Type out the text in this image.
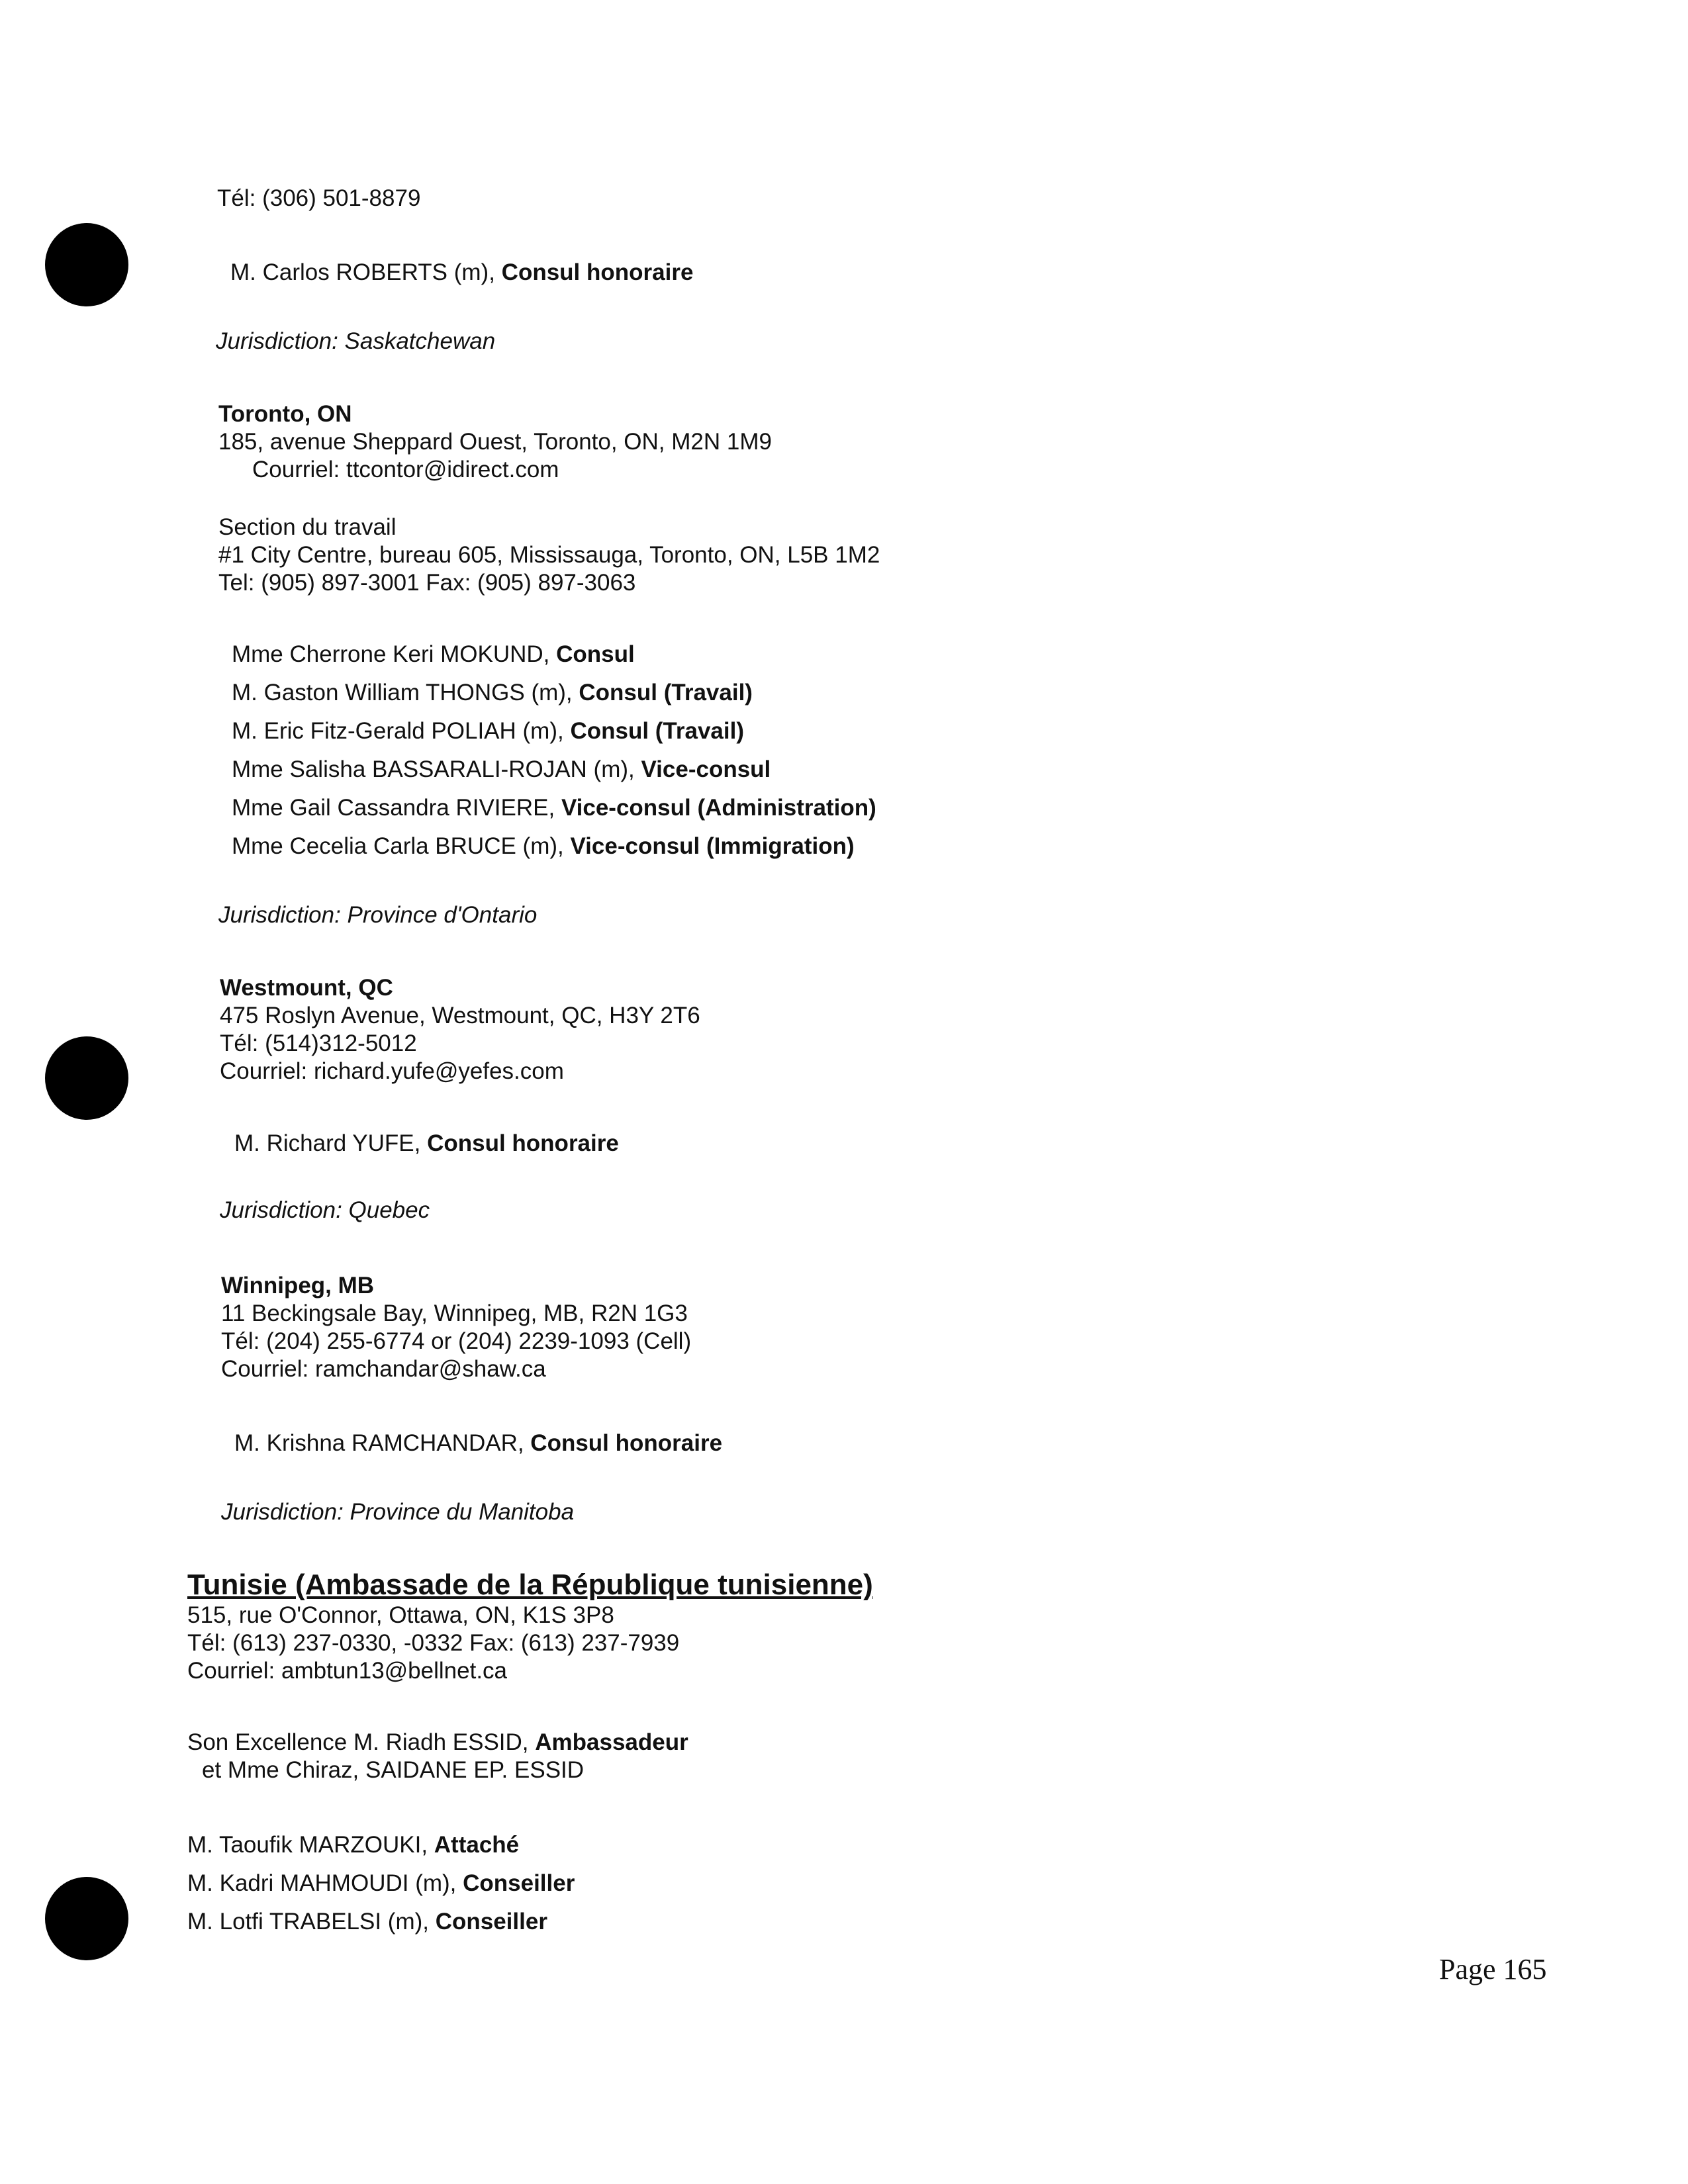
Tél: (306) 501-8879
M. Carlos ROBERTS (m), Consul honoraire
Jurisdiction: Saskatchewan
Toronto, ON
185, avenue Sheppard Ouest, Toronto, ON, M2N 1M9
Courriel: ttcontor@idirect.com
Section du travail
#1 City Centre, bureau 605, Mississauga, Toronto, ON, L5B 1M2
Tel: (905) 897-3001 Fax: (905) 897-3063
Mme Cherrone Keri MOKUND, Consul
M. Gaston William THONGS (m), Consul (Travail)
M. Eric Fitz-Gerald POLIAH (m), Consul (Travail)
Mme Salisha BASSARALI-ROJAN (m), Vice-consul
Mme Gail Cassandra RIVIERE, Vice-consul (Administration)
Mme Cecelia Carla BRUCE (m), Vice-consul (Immigration)
Jurisdiction: Province d'Ontario
Westmount, QC
475 Roslyn Avenue, Westmount, QC, H3Y 2T6
Tél: (514)312-5012
Courriel: richard.yufe@yefes.com
M. Richard YUFE, Consul honoraire
Jurisdiction: Quebec
Winnipeg, MB
11 Beckingsale Bay, Winnipeg, MB, R2N 1G3
Tél: (204) 255-6774 or (204) 2239-1093 (Cell)
Courriel: ramchandar@shaw.ca
M. Krishna RAMCHANDAR, Consul honoraire
Jurisdiction: Province du Manitoba
Tunisie (Ambassade de la République tunisienne)
515, rue O'Connor, Ottawa, ON, K1S 3P8
Tél: (613) 237-0330, -0332 Fax: (613) 237-7939
Courriel: ambtun13@bellnet.ca
Son Excellence M. Riadh ESSID, Ambassadeur
et Mme Chiraz, SAIDANE EP. ESSID
M. Taoufik MARZOUKI, Attaché
M. Kadri MAHMOUDI (m), Conseiller
M. Lotfi TRABELSI (m), Conseiller
Page 165
